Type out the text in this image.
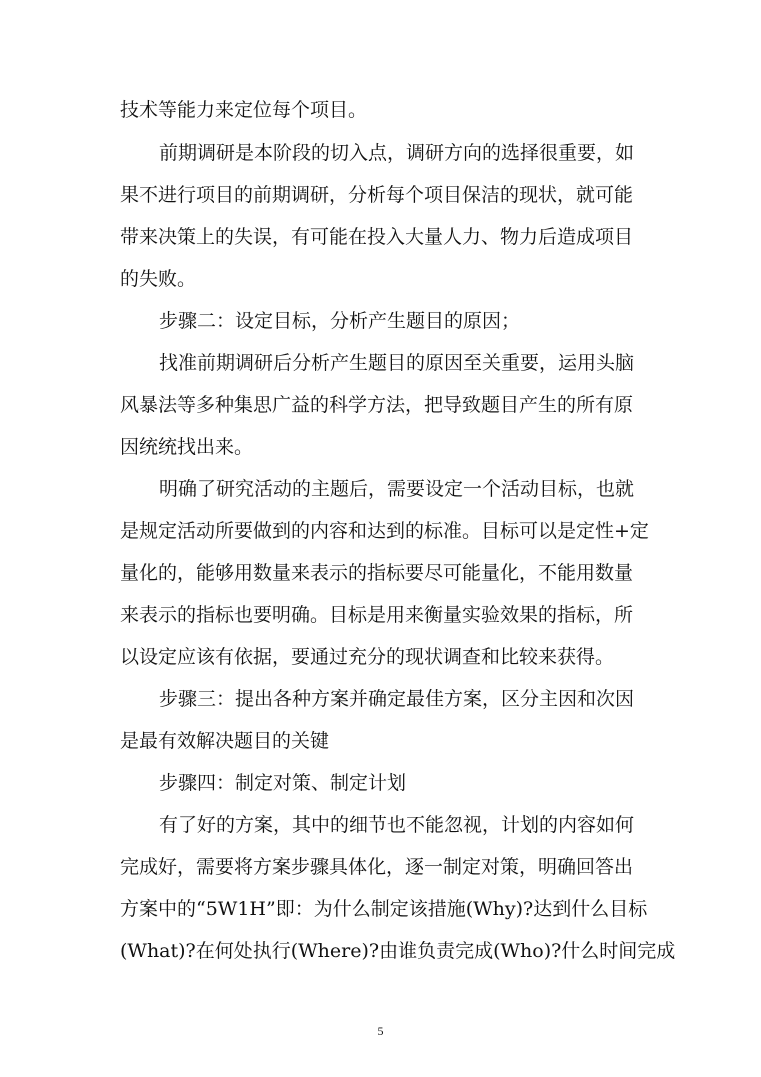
技术等能力来定位每个项目。
前期调研是本阶段的切入点，调研方向的选择很重要，如
果不进行项目的前期调研，分析每个项目保洁的现状，就可能
带来决策上的失误，有可能在投入大量人力、物力后造成项目
的失败。
步骤二：设定目标，分析产生题目的原因；
找准前期调研后分析产生题目的原因至关重要，运用头脑
风暴法等多种集思广益的科学方法，把导致题目产生的所有原
因统统找出来。
明确了研究活动的主题后，需要设定一个活动目标，也就
是规定活动所要做到的内容和达到的标准。目标可以是定性+定
量化的，能够用数量来表示的指标要尽可能量化，不能用数量
来表示的指标也要明确。目标是用来衡量实验效果的指标，所
以设定应该有依据，要通过充分的现状调查和比较来获得。
步骤三：提出各种方案并确定最佳方案，区分主因和次因
是最有效解决题目的关键
步骤四：制定对策、制定计划
有了好的方案，其中的细节也不能忽视，计划的内容如何
完成好，需要将方案步骤具体化，逐一制定对策，明确回答出
方案中的“5W1H”即：为什么制定该措施(Why)?达到什么目标
(What)?在何处执行(Where)?由谁负责完成(Who)?什么时间完成
5
